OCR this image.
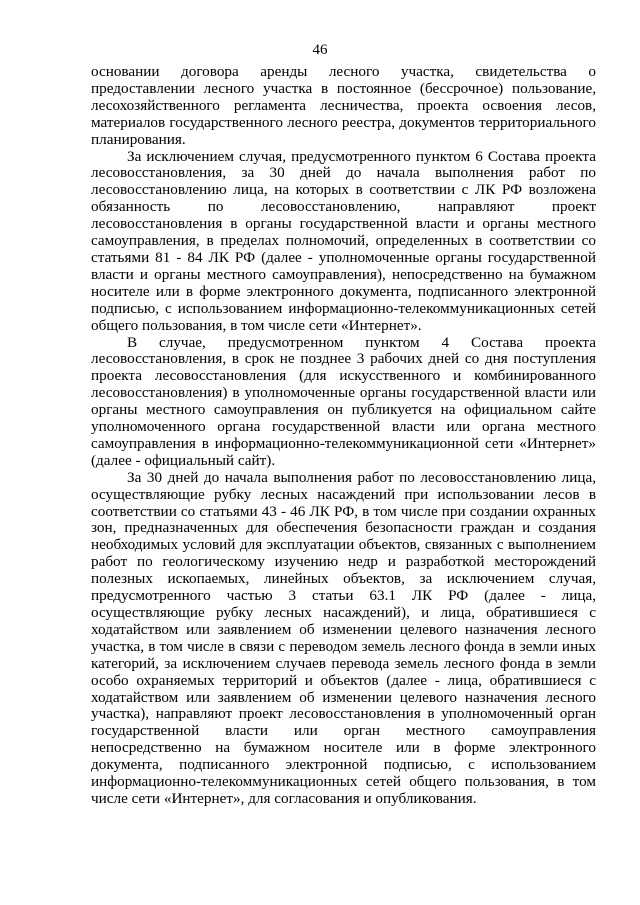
46

основании договора аренды лесного участка, свидетельства о предоставлении лесного участка в постоянное (бессрочное) пользование, лесохозяйственного регламента лесничества, проекта освоения лесов, материалов государственного лесного реестра, документов территориального планирования.

За исключением случая, предусмотренного пунктом 6 Состава проекта лесовосстановления, за 30 дней до начала выполнения работ по лесовосстановлению лица, на которых в соответствии с ЛК РФ возложена обязанность по лесовосстановлению, направляют проект лесовосстановления в органы государственной власти и органы местного самоуправления, в пределах полномочий, определенных в соответствии со статьями 81 - 84 ЛК РФ (далее - уполномоченные органы государственной власти и органы местного самоуправления), непосредственно на бумажном носителе или в форме электронного документа, подписанного электронной подписью, с использованием информационно-телекоммуникационных сетей общего пользования, в том числе сети «Интернет».

В случае, предусмотренном пунктом 4 Состава проекта лесовосстановления, в срок не позднее 3 рабочих дней со дня поступления проекта лесовосстановления (для искусственного и комбинированного лесовосстановления) в уполномоченные органы государственной власти или органы местного самоуправления он публикуется на официальном сайте уполномоченного органа государственной власти или органа местного самоуправления в информационно-телекоммуникационной сети «Интернет» (далее - официальный сайт).

За 30 дней до начала выполнения работ по лесовосстановлению лица, осуществляющие рубку лесных насаждений при использовании лесов в соответствии со статьями 43 - 46 ЛК РФ, в том числе при создании охранных зон, предназначенных для обеспечения безопасности граждан и создания необходимых условий для эксплуатации объектов, связанных с выполнением работ по геологическому изучению недр и разработкой месторождений полезных ископаемых, линейных объектов, за исключением случая, предусмотренного частью 3 статьи 63.1 ЛК РФ (далее - лица, осуществляющие рубку лесных насаждений), и лица, обратившиеся с ходатайством или заявлением об изменении целевого назначения лесного участка, в том числе в связи с переводом земель лесного фонда в земли иных категорий, за исключением случаев перевода земель лесного фонда в земли особо охраняемых территорий и объектов (далее - лица, обратившиеся с ходатайством или заявлением об изменении целевого назначения лесного участка), направляют проект лесовосстановления в уполномоченный орган государственной власти или орган местного самоуправления непосредственно на бумажном носителе или в форме электронного документа, подписанного электронной подписью, с использованием информационно-телекоммуникационных сетей общего пользования, в том числе сети «Интернет», для согласования и опубликования.
